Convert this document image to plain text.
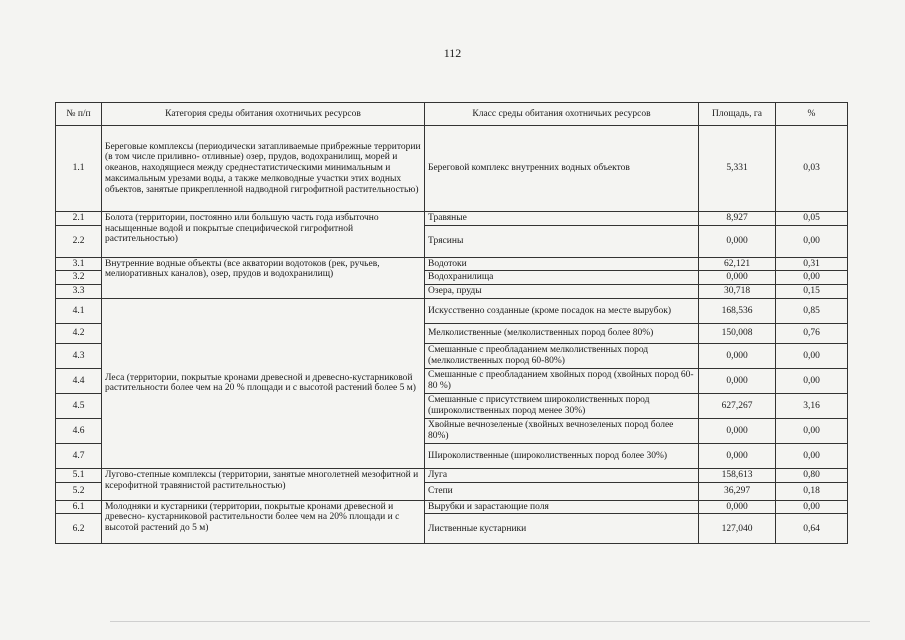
112
№ п/п	Категория среды обитания охотничьих ресурсов	Класс среды обитания охотничьих ресурсов	Площадь, га	%
1.1	Береговые комплексы (периодически затапливаемые прибрежные территории (в том числе приливно- отливные) озер, прудов, водохранилищ, морей и океанов, находящиеся между среднестатистическими минимальным и максимальным урезами воды, а также мелководные участки этих водных объектов, занятые прикрепленной надводной гигрофитной растительностью)	Береговой комплекс внутренних водных объектов	5,331	0,03
2.1	Болота (территории, постоянно или большую часть года избыточно насыщенные водой и покрытые специфической гигрофитной растительностью)	Травяные	8,927	0,05
2.2		Трясины	0,000	0,00
3.1	Внутренние водные объекты (все акватории водотоков (рек, ручьев, мелиоративных каналов), озер, прудов и водохранилищ)	Водотоки	62,121	0,31
3.2		Водохранилища	0,000	0,00
3.3		Озера, пруды	30,718	0,15
4.1	Леса (территории, покрытые кронами древесной и древесно-кустарниковой растительности более чем на 20 % площади и с высотой растений более 5 м)	Искусственно созданные (кроме посадок на месте вырубок)	168,536	0,85
4.2		Мелколиственные (мелколиственных пород более 80%)	150,008	0,76
4.3		Смешанные с преобладанием мелколиственных пород (мелколиственных пород 60-80%)	0,000	0,00
4.4		Смешанные с преобладанием хвойных пород (хвойных пород 60-80 %)	0,000	0,00
4.5		Смешанные с присутствием широколиственных пород (широколиственных пород менее 30%)	627,267	3,16
4.6		Хвойные вечнозеленые (хвойных вечнозеленых пород более 80%)	0,000	0,00
4.7		Широколиственные (широколиственных пород более 30%)	0,000	0,00
5.1	Лугово-степные комплексы (территории, занятые многолетней мезофитной и ксерофитной травянистой растительностью)	Луга	158,613	0,80
5.2		Степи	36,297	0,18
6.1	Молодняки и кустарники (территории, покрытые кронами древесной и древесно- кустарниковой растительности более чем на 20% площади и с высотой растений до 5 м)	Вырубки и зарастающие поля	0,000	0,00
6.2		Лиственные кустарники	127,040	0,64
